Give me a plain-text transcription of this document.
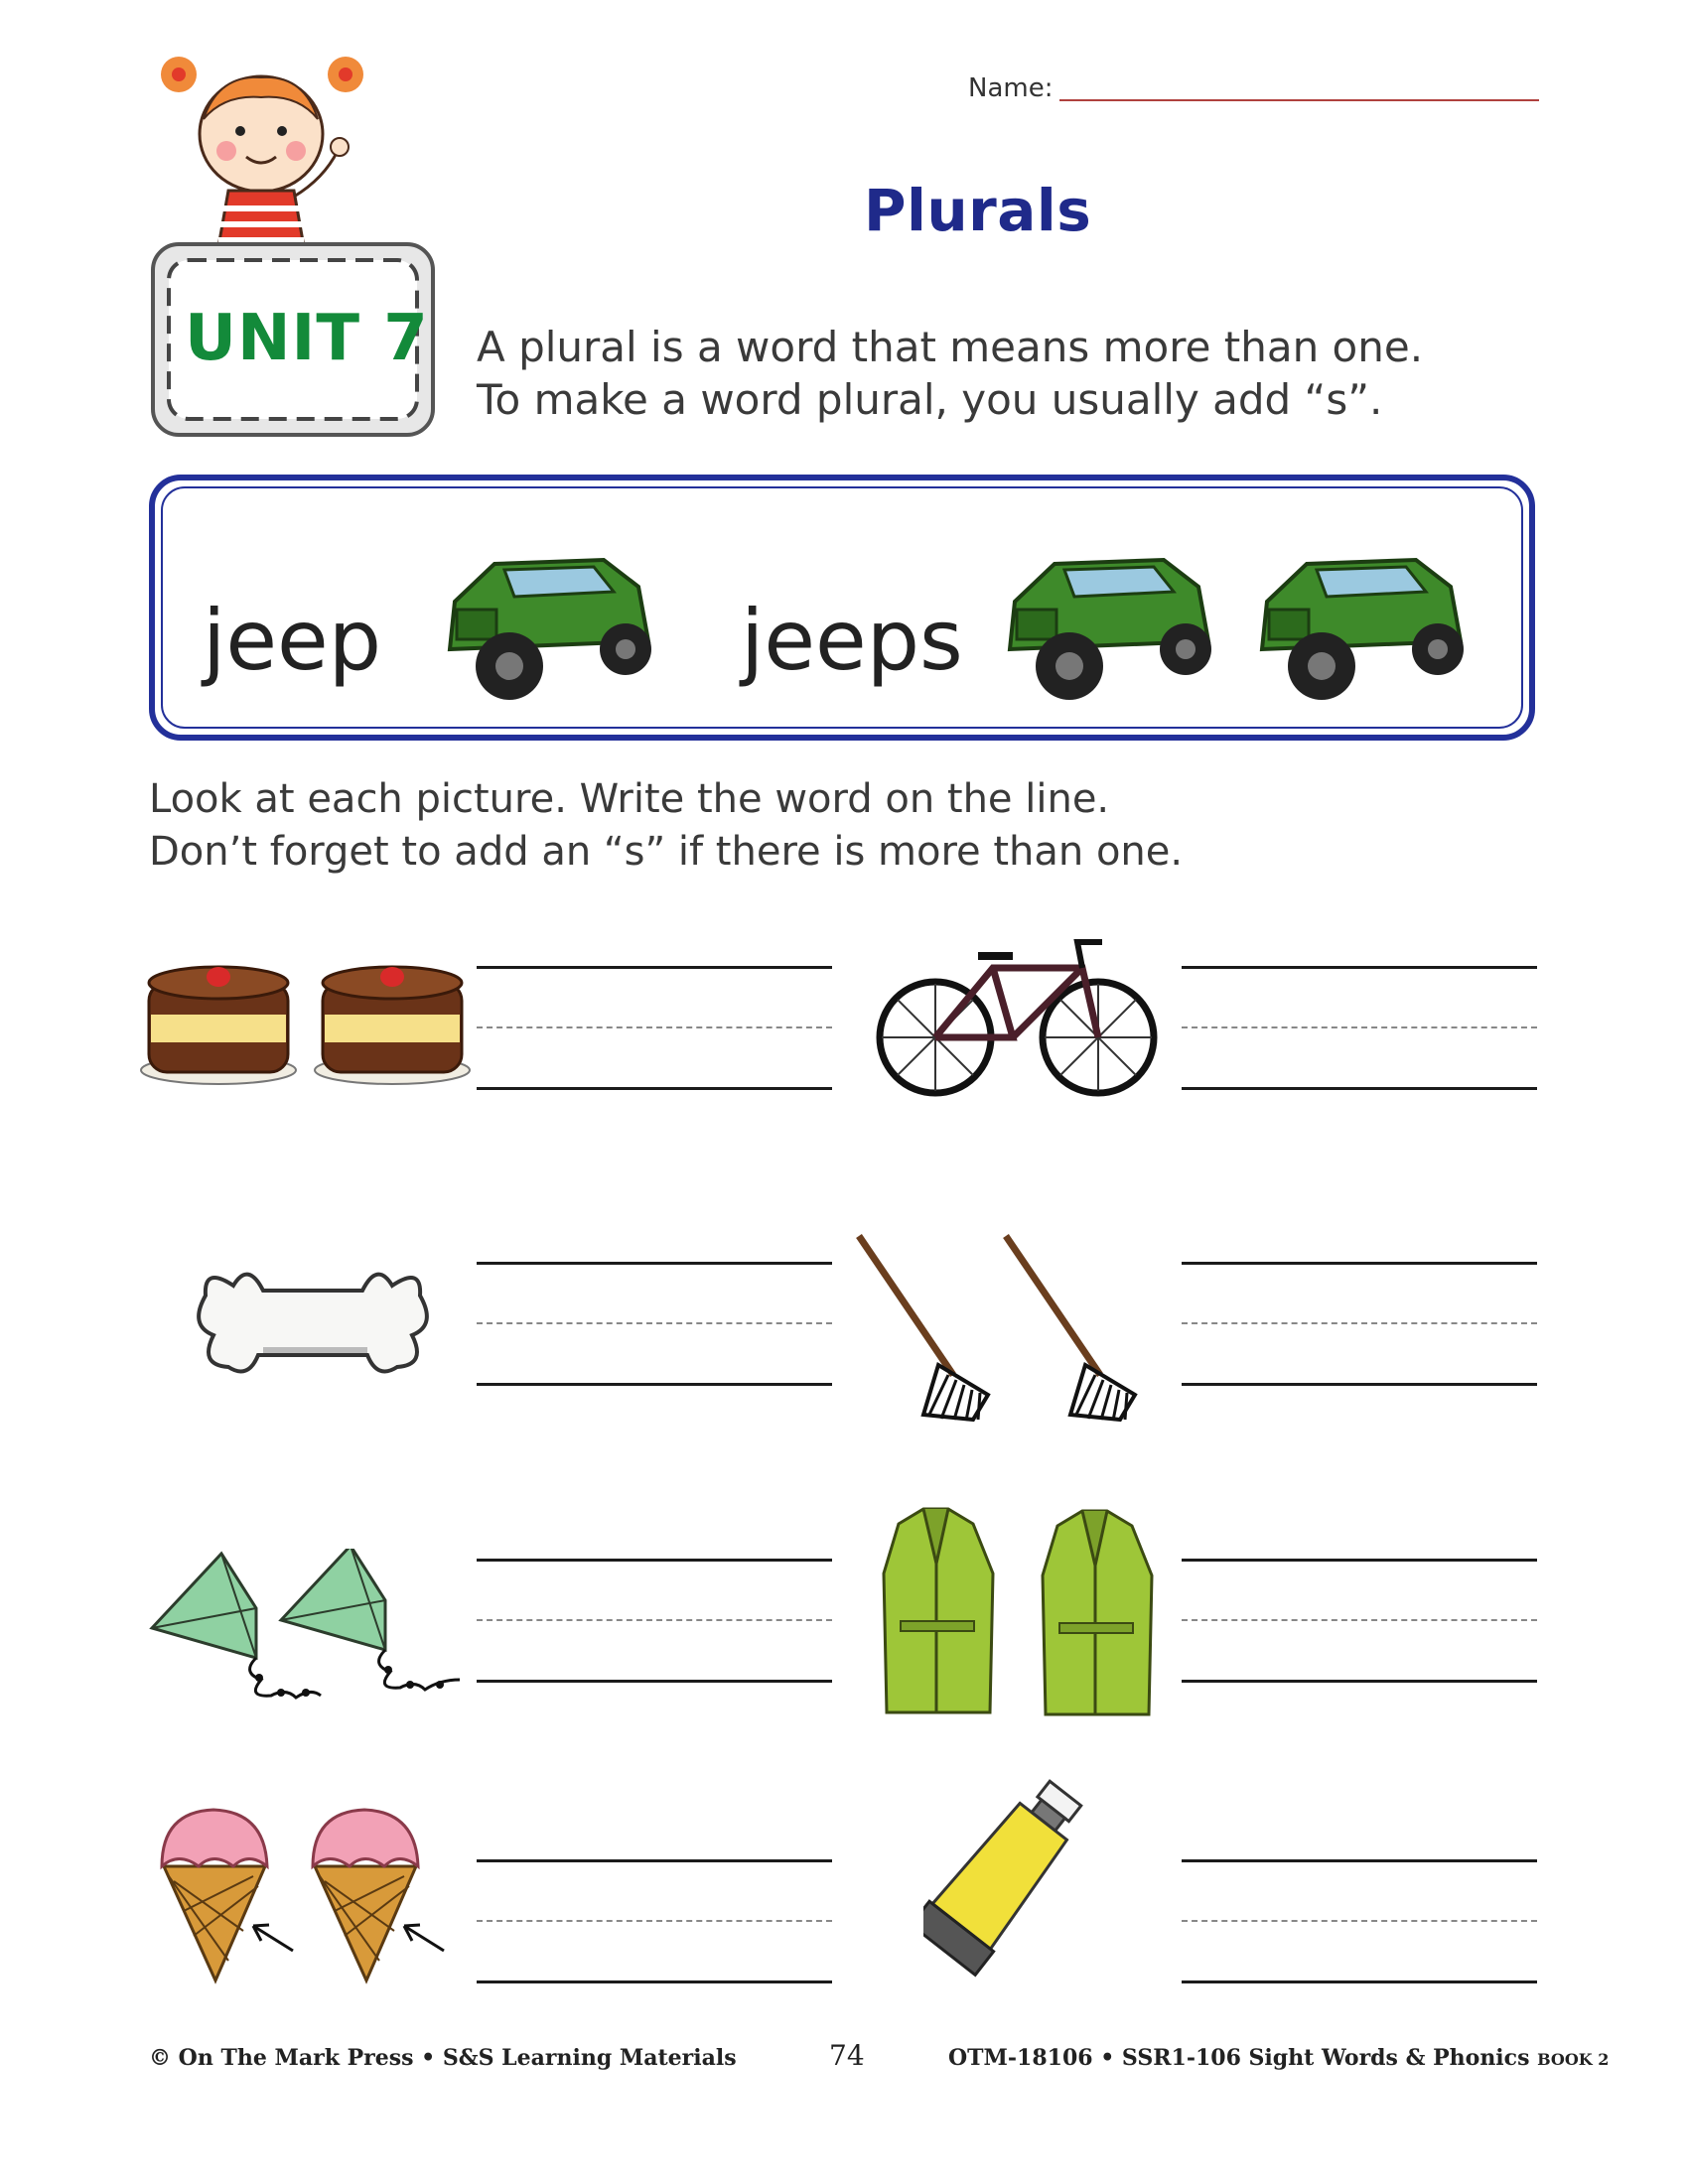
Name:
UNIT 7
Plurals
A plural is a word that means more than one.
To make a word plural, you usually add “s”.
jeep	jeeps
Look at each picture. Write the word on the line.
Don’t forget to add an “s” if there is more than one.
© On The Mark Press • S&S Learning Materials	74	OTM-18106 • SSR1-106 Sight Words & Phonics BOOK 2
